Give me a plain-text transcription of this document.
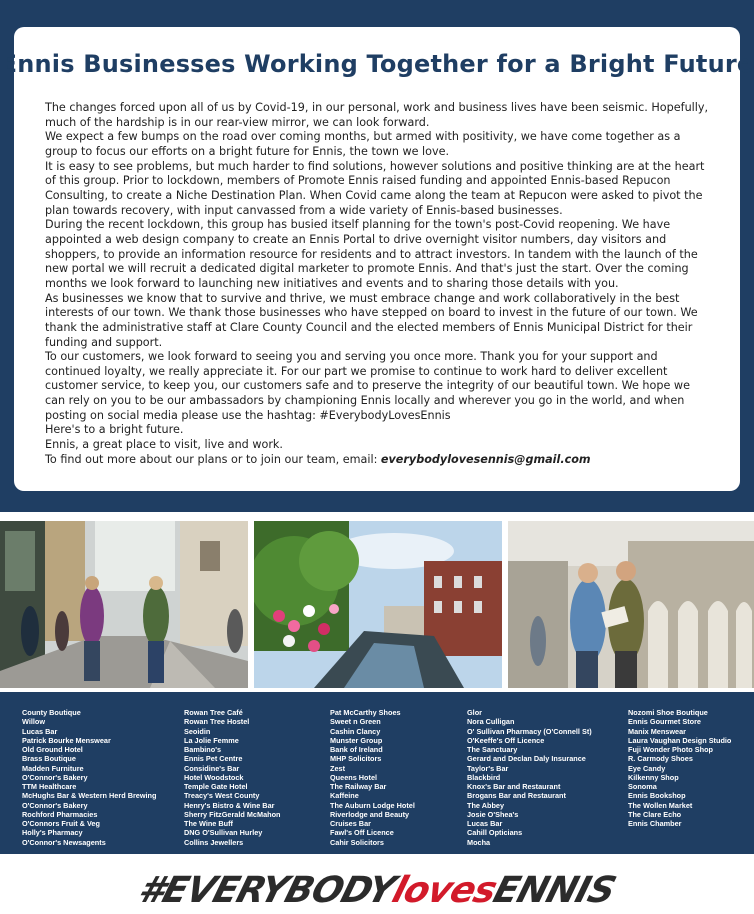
Ennis Businesses Working Together for a Bright Future

The changes forced upon all of us by Covid-19, in our personal, work and business lives have been seismic. Hopefully, much of the hardship is in our rear-view mirror, we can look forward.

We expect a few bumps on the road over coming months, but armed with positivity, we have come together as a group to focus our efforts on a bright future for Ennis, the town we love.

It is easy to see problems, but much harder to find solutions, however solutions and positive thinking are at the heart of this group. Prior to lockdown, members of Promote Ennis raised funding and appointed Ennis-based Repucon Consulting, to create a Niche Destination Plan. When Covid came along the team at Repucon were asked to pivot the plan towards recovery, with input canvassed from a wide variety of Ennis-based businesses.

During the recent lockdown, this group has busied itself planning for the town's post-Covid reopening. We have appointed a web design company to create an Ennis Portal to drive overnight visitor numbers, day visitors and shoppers, to provide an information resource for residents and to attract investors. In tandem with the launch of the new portal we will recruit a dedicated digital marketer to promote Ennis. And that's just the start. Over the coming months we look forward to launching new initiatives and events and to sharing those details with you.

As businesses we know that to survive and thrive, we must embrace change and work collaboratively in the best interests of our town. We thank those businesses who have stepped on board to invest in the future of our town. We thank the administrative staff at Clare County Council and the elected members of Ennis Municipal District for their funding and support.

To our customers, we look forward to seeing you and serving you once more. Thank you for your support and continued loyalty, we really appreciate it. For our part we promise to continue to work hard to deliver excellent customer service, to keep you, our customers safe and to preserve the integrity of our beautiful town. We hope we can rely on you to be our ambassadors by championing Ennis locally and wherever you go in the world, and when posting on social media please use the hashtag: #EverybodyLovesEnnis

Here's to a bright future.

Ennis, a great place to visit, live and work.

To find out more about our plans or to join our team, email: everybodylovesennis@gmail.com

County Boutique
Willow
Lucas Bar
Patrick Bourke Menswear
Old Ground Hotel
Brass Boutique
Madden Furniture
O'Connor's Bakery
TTM Healthcare
McHughs Bar & Western Herd Brewing
O'Connor's Bakery
Rochford Pharmacies
O'Connors Fruit & Veg
Holly's Pharmacy
O'Connor's Newsagents
Rowan Tree Café
Rowan Tree Hostel
Seoidin
La Jolie Femme
Bambino's
Ennis Pet Centre
Considine's Bar
Hotel Woodstock
Temple Gate Hotel
Treacy's West County
Henry's Bistro & Wine Bar
Sherry FitzGerald McMahon
The Wine Buff
DNG O'Sullivan Hurley
Collins Jewellers
Pat McCarthy Shoes
Sweet n Green
Cashin Clancy
Munster Group
Bank of Ireland
MHP Solicitors
Zest
Queens Hotel
The Railway Bar
Kaffeine
The Auburn Lodge Hotel
Riverlodge and Beauty
Cruises Bar
Fawl's Off Licence
Cahir Solicitors
Glor
Nora Culligan
O' Sullivan Pharmacy (O'Connell St)
O'Keeffe's Off Licence
The Sanctuary
Gerard and Declan Daly Insurance
Taylor's Bar
Blackbird
Knox's Bar and Restaurant
Brogans Bar and Restaurant
The Abbey
Josie O'Shea's
Lucas Bar
Cahill Opticians
Mocha
Nozomi Shoe Boutique
Ennis Gourmet Store
Manix Menswear
Laura Vaughan Design Studio
Fuji Wonder Photo Shop
R. Carmody Shoes
Eye Candy
Kilkenny Shop
Sonoma
Ennis Bookshop
The Wollen Market
The Clare Echo
Ennis Chamber
#EVERYBODYlovesENNIS
